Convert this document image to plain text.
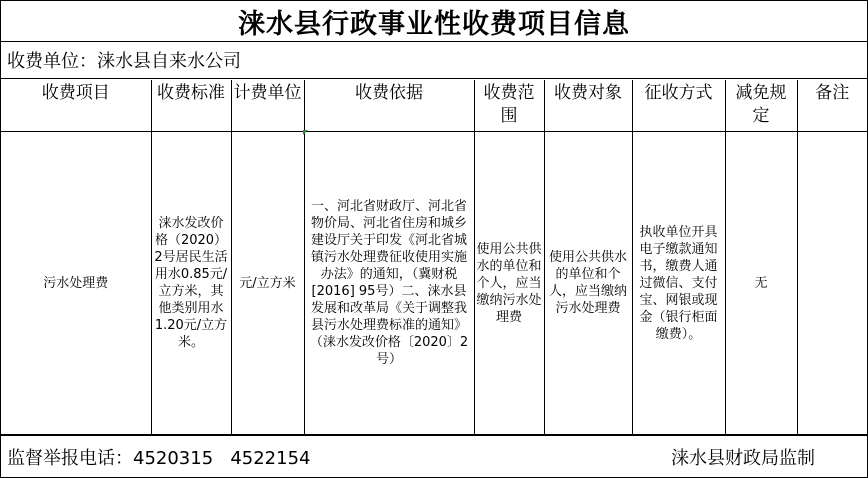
涞水县行政事业性收费项目信息
收费单位：涞水县自来水公司
收费项目	收费标准	计费单位	收费依据	收费范围	收费对象	征收方式	减免规定	备注
污水处理费	涞水发改价格（2020）2号居民生活用水0.85元/立方米，其他类别用水1.20元/立方米。	元/立方米	一、河北省财政厅、河北省物价局、河北省住房和城乡建设厅关于印发《河北省城镇污水处理费征收使用实施办法》的通知，（冀财税[2016] 95号）二、涞水县发展和改革局《关于调整我县污水处理费标准的通知》（涞水发改价格〔2020〕2号）	使用公共供水的单位和个人，应当缴纳污水处理费	使用公共供水的单位和个人，应当缴纳污水处理费	执收单位开具电子缴款通知书，缴费人通过微信、支付宝、网银或现金（银行柜面缴费）。	无	
监督举报电话：4520315   4522154	涞水县财政局监制
